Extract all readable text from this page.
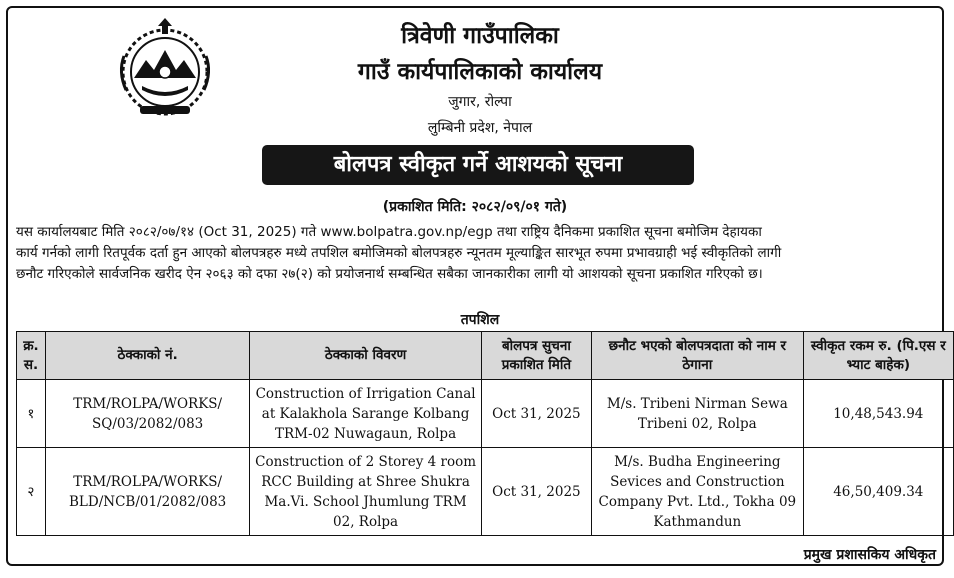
त्रिवेणी गाउँपालिका
गाउँ कार्यपालिकाको कार्यालय
जुगार, रोल्पा
लुम्बिनी प्रदेश, नेपाल
बोलपत्र स्वीकृत गर्ने आशयको सूचना
(प्रकाशित मिति: २०८२/०९/०१ गते)
यस कार्यालयबाट मिति २०८२/०७/१४ (Oct 31, 2025) गते www.bolpatra.gov.np/egp तथा राष्ट्रिय दैनिकमा प्रकाशित सूचना बमोजिम देहायका
कार्य गर्नको लागी रितपूर्वक दर्ता हुन आएको बोलपत्रहरु मध्ये तपशिल बमोजिमको बोलपत्रहरु न्यूनतम मूल्याङ्कित सारभूत रुपमा प्रभावग्राही भई स्वीकृतिको लागी
छनौट गरिएकोले सार्वजनिक खरीद ऐन २०६३ को दफा २७(२) को प्रयोजनार्थ सम्बन्धित सबैका जानकारीका लागी यो आशयको सूचना प्रकाशित गरिएको छ।
तपशिल
क्र. स.	ठेक्काको नं.	ठेक्काको विवरण	बोलपत्र सुचना प्रकाशित मिति	छनौट भएको बोलपत्रदाता को नाम र ठेगाना	स्वीकृत रकम रु. (पि.एस र भ्याट बाहेक)
१	TRM/ROLPA/WORKS/ SQ/03/2082/083	Construction of Irrigation Canal at Kalakhola Sarange Kolbang TRM-02 Nuwagaun, Rolpa	Oct 31, 2025	M/s. Tribeni Nirman Sewa Tribeni 02, Rolpa	10,48,543.94
२	TRM/ROLPA/WORKS/ BLD/NCB/01/2082/083	Construction of 2 Storey 4 room RCC Building at Shree Shukra Ma.Vi. School Jhumlung TRM 02, Rolpa	Oct 31, 2025	M/s. Budha Engineering Sevices and Construction Company Pvt. Ltd., Tokha 09 Kathmandun	46,50,409.34
प्रमुख प्रशासकिय अधिकृत
